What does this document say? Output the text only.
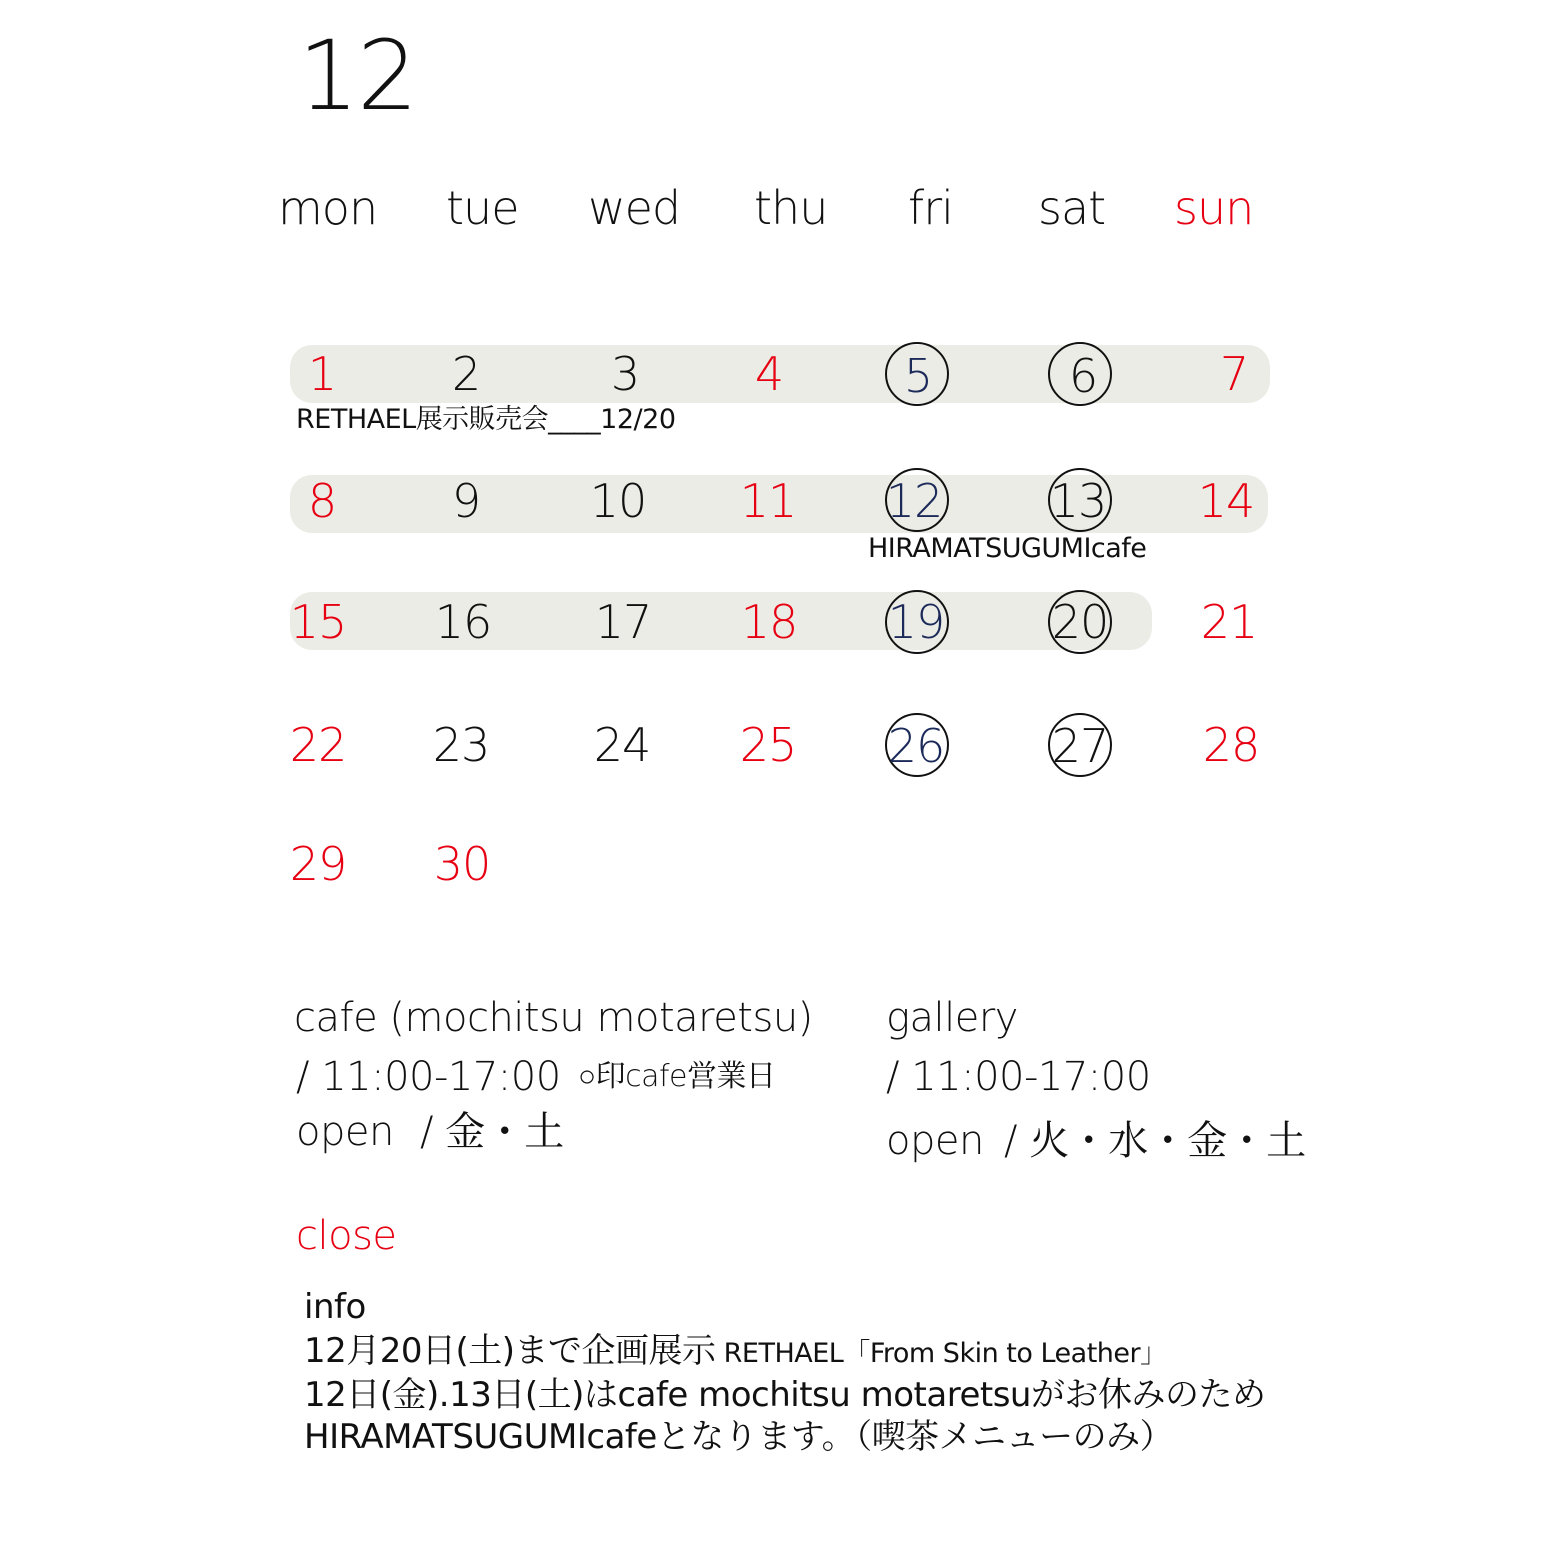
12
mon tue wed thu fri sat sun
1	2	3	4	5	6	7
RETHAEL展示販売会____12/20
8	9 10 11 12 13 14
HIRAMATSUGUMIcafe
15 16 17 18 19 20 21
22 23 24 25 26 27 28
29 30
cafe (mochitsu motaretsu)
/ 11:00-17:00 ○印cafe営業日
open / 金・土
gallery
/ 11:00-17:00
open / 火・水・金・土
close
info
12月20日(土)まで企画展示 RETHAEL「From Skin to Leather」
12日(金).13日(土)はcafe mochitsu motaretsuがお休みのため
HIRAMATSUGUMIcafeとなります。（喫茶メニューのみ）
